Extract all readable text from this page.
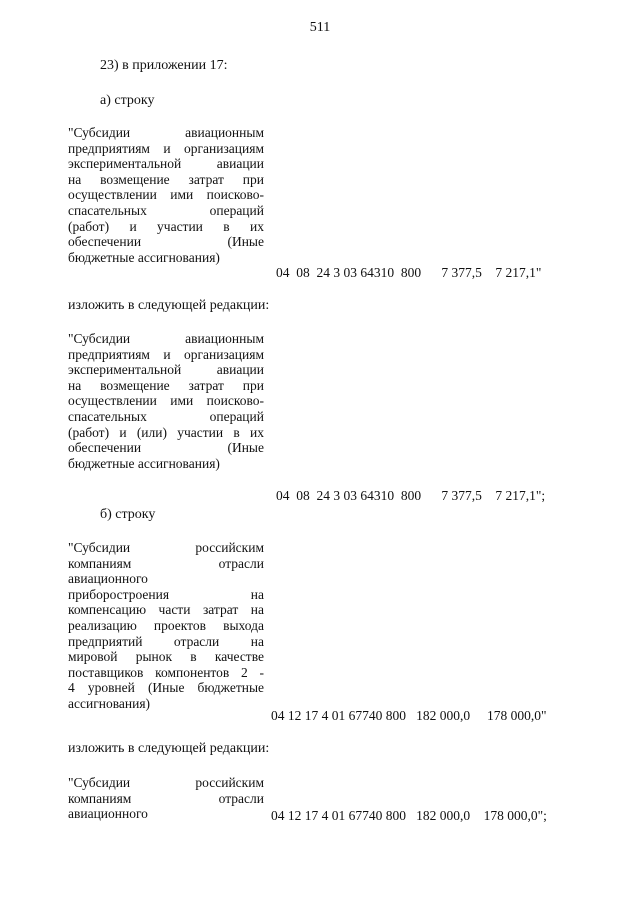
511
23) в приложении 17:
а) строку
"Субсидии авиационным
предприятиям и организациям
экспериментальной авиации
на возмещение затрат при
осуществлении ими поисково-
спасательных операций
(работ) и участии в их
обеспечении (Иные
бюджетные ассигнования)
04  08  24 3 03 64310  800      7 377,5    7 217,1"
изложить в следующей редакции:
"Субсидии авиационным
предприятиям и организациям
экспериментальной авиации
на возмещение затрат при
осуществлении ими поисково-
спасательных операций
(работ) и (или) участии в их
обеспечении (Иные
бюджетные ассигнования)
04  08  24 3 03 64310  800      7 377,5    7 217,1";
б) строку
"Субсидии российским
компаниям отрасли
авиационного
приборостроения на
компенсацию части затрат на
реализацию проектов выхода
предприятий отрасли на
мировой рынок в качестве
поставщиков компонентов 2 -
4 уровней (Иные бюджетные
ассигнования)
04 12 17 4 01 67740 800   182 000,0     178 000,0"
изложить в следующей редакции:
"Субсидии российским
компаниям отрасли
авиационного	04 12 17 4 01 67740 800   182 000,0    178 000,0";
